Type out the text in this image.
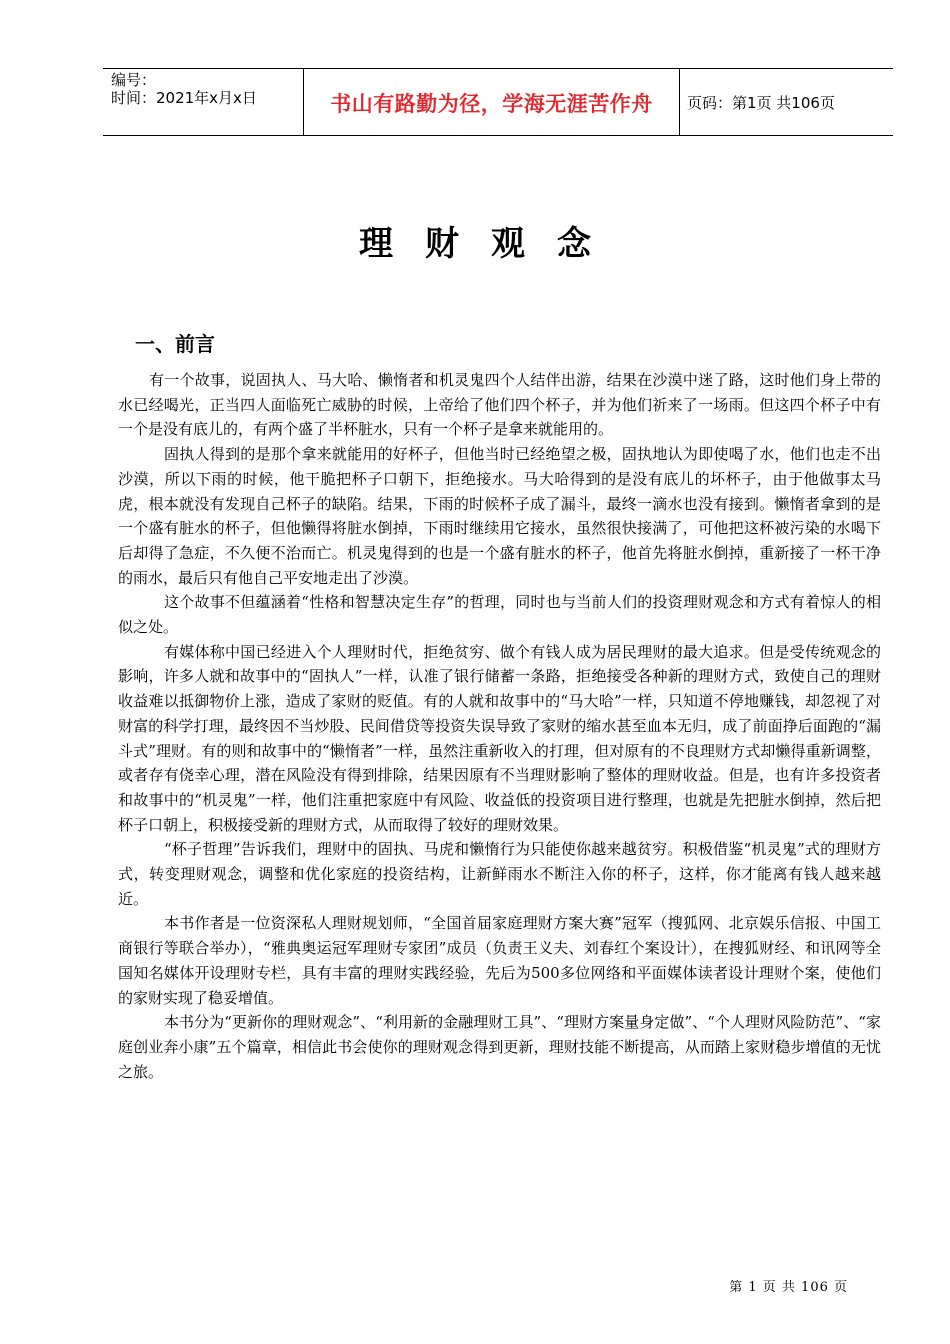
编号：
时间：2021年x月x日	书山有路勤为径，学海无涯苦作舟 页码：第1页 共106页
理财观念
一、前言

有一个故事，说固执人、马大哈、懒惰者和机灵鬼四个人结伴出游，结果在沙漠中迷了路，这时他们身上带的水已经喝光，正当四人面临死亡威胁的时候，上帝给了他们四个杯子，并为他们祈来了一场雨。但这四个杯子中有一个是没有底儿的，有两个盛了半杯脏水，只有一个杯子是拿来就能用的。

固执人得到的是那个拿来就能用的好杯子，但他当时已经绝望之极，固执地认为即使喝了水，他们也走不出沙漠，所以下雨的时候，他干脆把杯子口朝下，拒绝接水。马大哈得到的是没有底儿的坏杯子，由于他做事太马虎，根本就没有发现自己杯子的缺陷。结果，下雨的时候杯子成了漏斗，最终一滴水也没有接到。懒惰者拿到的是一个盛有脏水的杯子，但他懒得将脏水倒掉，下雨时继续用它接水，虽然很快接满了，可他把这杯被污染的水喝下后却得了急症，不久便不治而亡。机灵鬼得到的也是一个盛有脏水的杯子，他首先将脏水倒掉，重新接了一杯干净的雨水，最后只有他自己平安地走出了沙漠。

这个故事不但蕴涵着“性格和智慧决定生存”的哲理，同时也与当前人们的投资理财观念和方式有着惊人的相似之处。

有媒体称中国已经进入个人理财时代，拒绝贫穷、做个有钱人成为居民理财的最大追求。但是受传统观念的影响，许多人就和故事中的“固执人”一样，认准了银行储蓄一条路，拒绝接受各种新的理财方式，致使自己的理财收益难以抵御物价上涨，造成了家财的贬值。有的人就和故事中的“马大哈”一样，只知道不停地赚钱，却忽视了对财富的科学打理，最终因不当炒股、民间借贷等投资失误导致了家财的缩水甚至血本无归，成了前面挣后面跑的“漏斗式”理财。有的则和故事中的“懒惰者”一样，虽然注重新收入的打理，但对原有的不良理财方式却懒得重新调整，或者存有侥幸心理，潜在风险没有得到排除，结果因原有不当理财影响了整体的理财收益。但是，也有许多投资者和故事中的“机灵鬼”一样，他们注重把家庭中有风险、收益低的投资项目进行整理，也就是先把脏水倒掉，然后把杯子口朝上，积极接受新的理财方式，从而取得了较好的理财效果。

“杯子哲理”告诉我们，理财中的固执、马虎和懒惰行为只能使你越来越贫穷。积极借鉴“机灵鬼”式的理财方式，转变理财观念，调整和优化家庭的投资结构，让新鲜雨水不断注入你的杯子，这样，你才能离有钱人越来越近。

本书作者是一位资深私人理财规划师，“全国首届家庭理财方案大赛”冠军（搜狐网、北京娱乐信报、中国工商银行等联合举办），“雅典奥运冠军理财专家团”成员（负责王义夫、刘春红个案设计），在搜狐财经、和讯网等全国知名媒体开设理财专栏，具有丰富的理财实践经验，先后为500多位网络和平面媒体读者设计理财个案，使他们的家财实现了稳妥增值。

本书分为“更新你的理财观念”、“利用新的金融理财工具”、“理财方案量身定做”、“个人理财风险防范”、“家庭创业奔小康”五个篇章，相信此书会使你的理财观念得到更新，理财技能不断提高，从而踏上家财稳步增值的无忧之旅。

第 1 页 共 106 页
